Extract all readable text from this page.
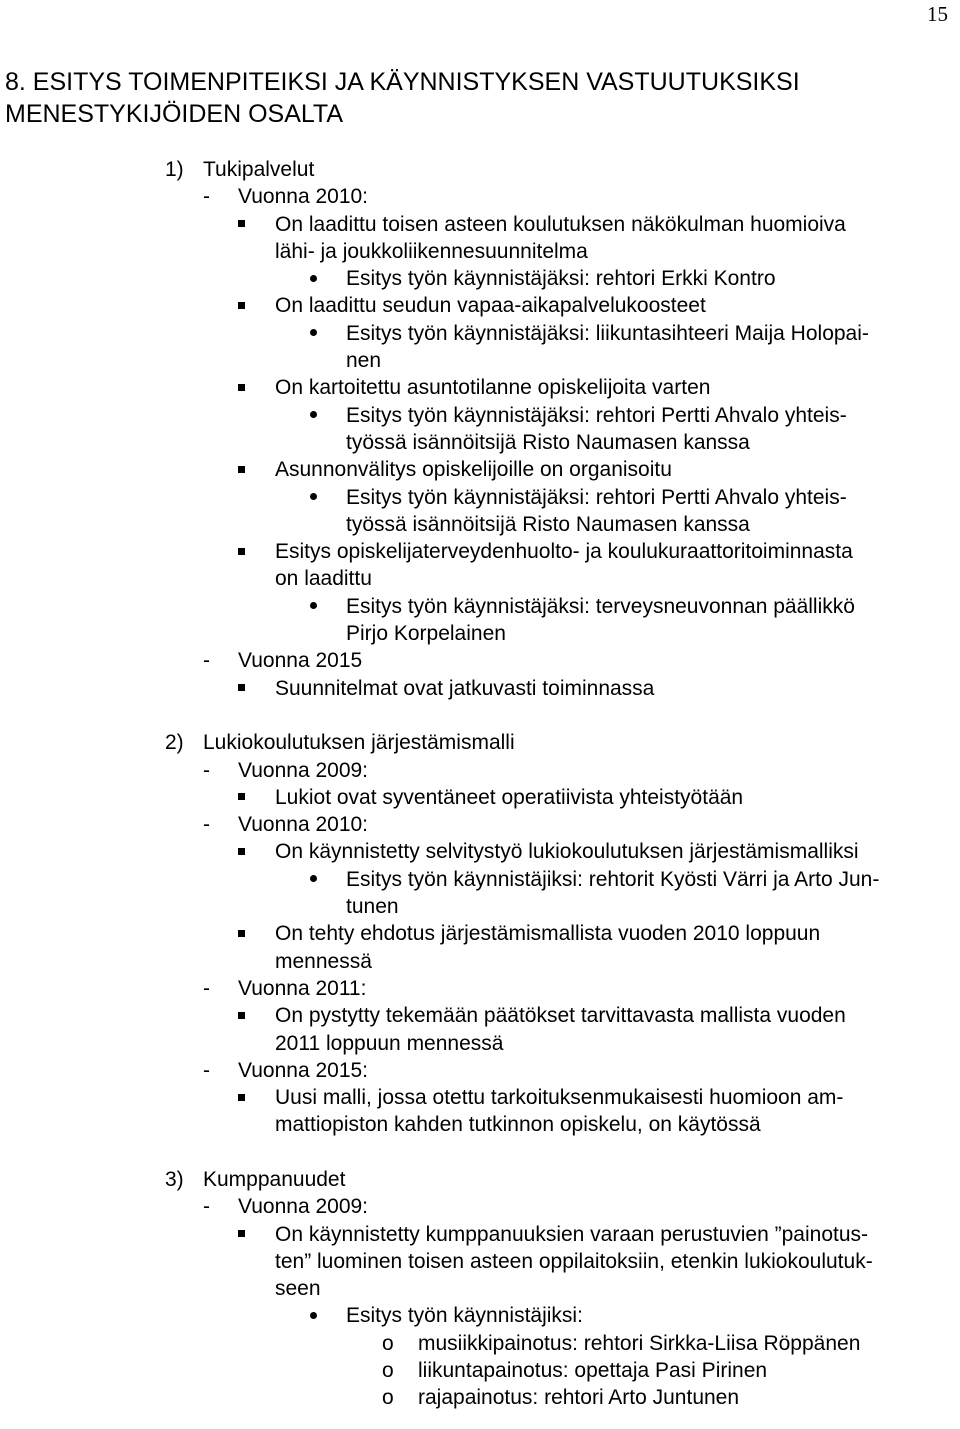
15
8. ESITYS TOIMENPITEIKSI JA KÄYNNISTYKSEN VASTUUTUKSIKSI
MENESTYKIJÖIDEN OSALTA
1) Tukipalvelut
- Vuonna 2010:
On laadittu toisen asteen koulutuksen näkökulman huomioiva
lähi- ja joukkoliikennesuunnitelma
Esitys työn käynnistäjäksi: rehtori Erkki Kontro
On laadittu seudun vapaa-aikapalvelukoosteet
Esitys työn käynnistäjäksi: liikuntasihteeri Maija Holopai-
nen
On kartoitettu asuntotilanne opiskelijoita varten
Esitys työn käynnistäjäksi: rehtori Pertti Ahvalo yhteis-
työssä isännöitsijä Risto Naumasen kanssa
Asunnonvälitys opiskelijoille on organisoitu
Esitys työn käynnistäjäksi: rehtori Pertti Ahvalo yhteis-
työssä isännöitsijä Risto Naumasen kanssa
Esitys opiskelijaterveydenhuolto- ja koulukuraattoritoiminnasta
on laadittu
Esitys työn käynnistäjäksi: terveysneuvonnan päällikkö
Pirjo Korpelainen
- Vuonna 2015
Suunnitelmat ovat jatkuvasti toiminnassa
2) Lukiokoulutuksen järjestämismalli
- Vuonna 2009:
Lukiot ovat syventäneet operatiivista yhteistyötään
- Vuonna 2010:
On käynnistetty selvitystyö lukiokoulutuksen järjestämismalliksi
Esitys työn käynnistäjiksi: rehtorit Kyösti Värri ja Arto Jun-
tunen
On tehty ehdotus järjestämismallista vuoden 2010 loppuun
mennessä
- Vuonna 2011:
On pystytty tekemään päätökset tarvittavasta mallista vuoden
2011 loppuun mennessä
- Vuonna 2015:
Uusi malli, jossa otettu tarkoituksenmukaisesti huomioon am-
mattiopiston kahden tutkinnon opiskelu, on käytössä
3) Kumppanuudet
- Vuonna 2009:
On käynnistetty kumppanuuksien varaan perustuvien ”painotus-
ten” luominen toisen asteen oppilaitoksiin, etenkin lukiokoulutuk-
seen
Esitys työn käynnistäjiksi:
o musiikkipainotus: rehtori Sirkka-Liisa Röppänen
o liikuntapainotus: opettaja Pasi Pirinen
o rajapainotus: rehtori Arto Juntunen
